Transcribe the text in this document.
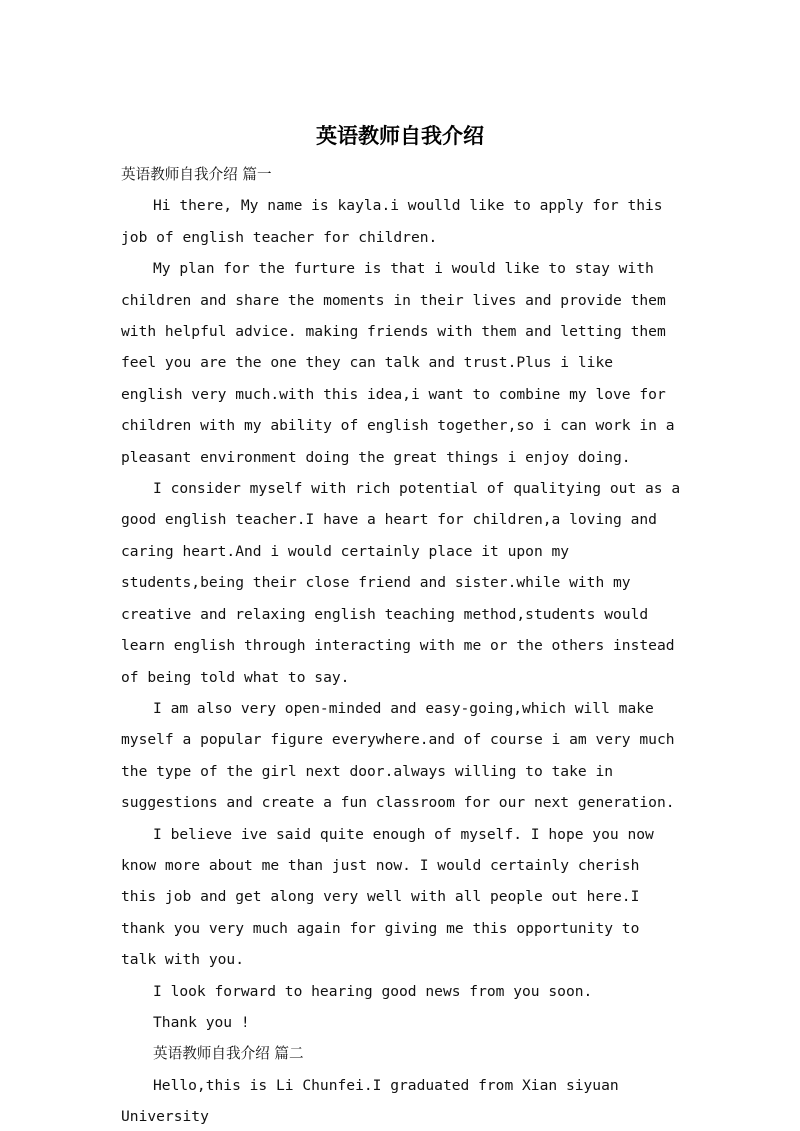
英语教师自我介绍

英语教师自我介绍 篇一

Hi there, My name is kayla.i woulld like to apply for this job of english teacher for children.

My plan for the furture is that i would like to stay with children and share the moments in their lives and provide them with helpful advice. making friends with them and letting them feel you are the one they can talk and trust.Plus i like english very much.with this idea,i want to combine my love for children with my ability of english together,so i can work in a pleasant environment doing the great things i enjoy doing.

I consider myself with rich potential of qualitying out as a good english teacher.I have a heart for children,a loving and caring heart.And i would certainly place it upon my students,being their close friend and sister.while with my creative and relaxing english teaching method,students would learn english through interacting with me or the others instead of being told what to say.

I am also very open-minded and easy-going,which will make myself a popular figure everywhere.and of course i am very much the type of the girl next door.always willing to take in suggestions and create a fun classroom for our next generation.

I believe ive said quite enough of myself. I hope you now know more about me than just now. I would certainly cherish this job and get along very well with all people out here.I thank you very much again for giving me this opportunity to talk with you.

I look forward to hearing good news from you soon.

Thank you !

英语教师自我介绍 篇二

Hello,this is Li Chunfei.I graduated from Xian siyuan University
